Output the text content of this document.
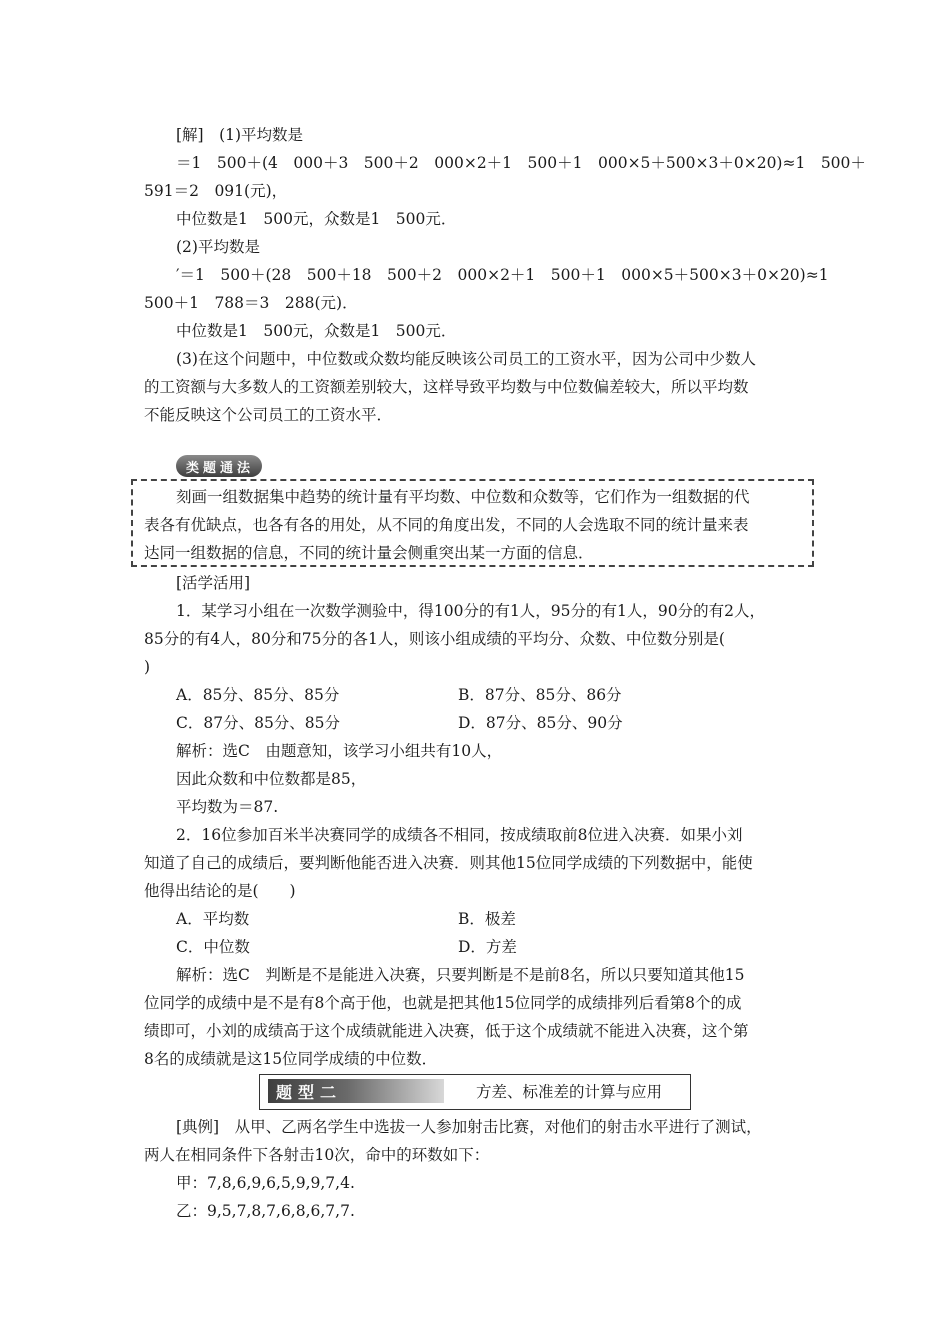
[解]　(1)平均数是
＝1　500＋(4　000＋3　500＋2　000×2＋1　500＋1　000×5＋500×3＋0×20)≈1　500＋
591＝2　091(元)，
中位数是1　500元，众数是1　500元．
(2)平均数是
′＝1　500＋(28　500＋18　500＋2　000×2＋1　500＋1　000×5＋500×3＋0×20)≈1
500＋1　788＝3　288(元)．
中位数是1　500元，众数是1　500元．
(3)在这个问题中，中位数或众数均能反映该公司员工的工资水平，因为公司中少数人
的工资额与大多数人的工资额差别较大，这样导致平均数与中位数偏差较大，所以平均数
不能反映这个公司员工的工资水平．
类题通法
刻画一组数据集中趋势的统计量有平均数、中位数和众数等，它们作为一组数据的代
表各有优缺点，也各有各的用处，从不同的角度出发，不同的人会选取不同的统计量来表
达同一组数据的信息，不同的统计量会侧重突出某一方面的信息．
[活学活用]
1．某学习小组在一次数学测验中，得100分的有1人，95分的有1人，90分的有2人，
85分的有4人，80分和75分的各1人，则该小组成绩的平均分、众数、中位数分别是(
)
A．85分、85分、85分	B．87分、85分、86分
C．87分、85分、85分	D．87分、85分、90分
解析：选C　由题意知，该学习小组共有10人，
因此众数和中位数都是85，
平均数为＝87.
2．16位参加百米半决赛同学的成绩各不相同，按成绩取前8位进入决赛．如果小刘
知道了自己的成绩后，要判断他能否进入决赛．则其他15位同学成绩的下列数据中，能使
他得出结论的是(　　)
A．平均数	B．极差
C．中位数	D．方差
解析：选C　判断是不是能进入决赛，只要判断是不是前8名，所以只要知道其他15
位同学的成绩中是不是有8个高于他，也就是把其他15位同学的成绩排列后看第8个的成
绩即可，小刘的成绩高于这个成绩就能进入决赛，低于这个成绩就不能进入决赛，这个第
8名的成绩就是这15位同学成绩的中位数．
题型二	方差、标准差的计算与应用
[典例]　从甲、乙两名学生中选拔一人参加射击比赛，对他们的射击水平进行了测试，
两人在相同条件下各射击10次，命中的环数如下：
甲：7,8,6,9,6,5,9,9,7,4.
乙：9,5,7,8,7,6,8,6,7,7.
